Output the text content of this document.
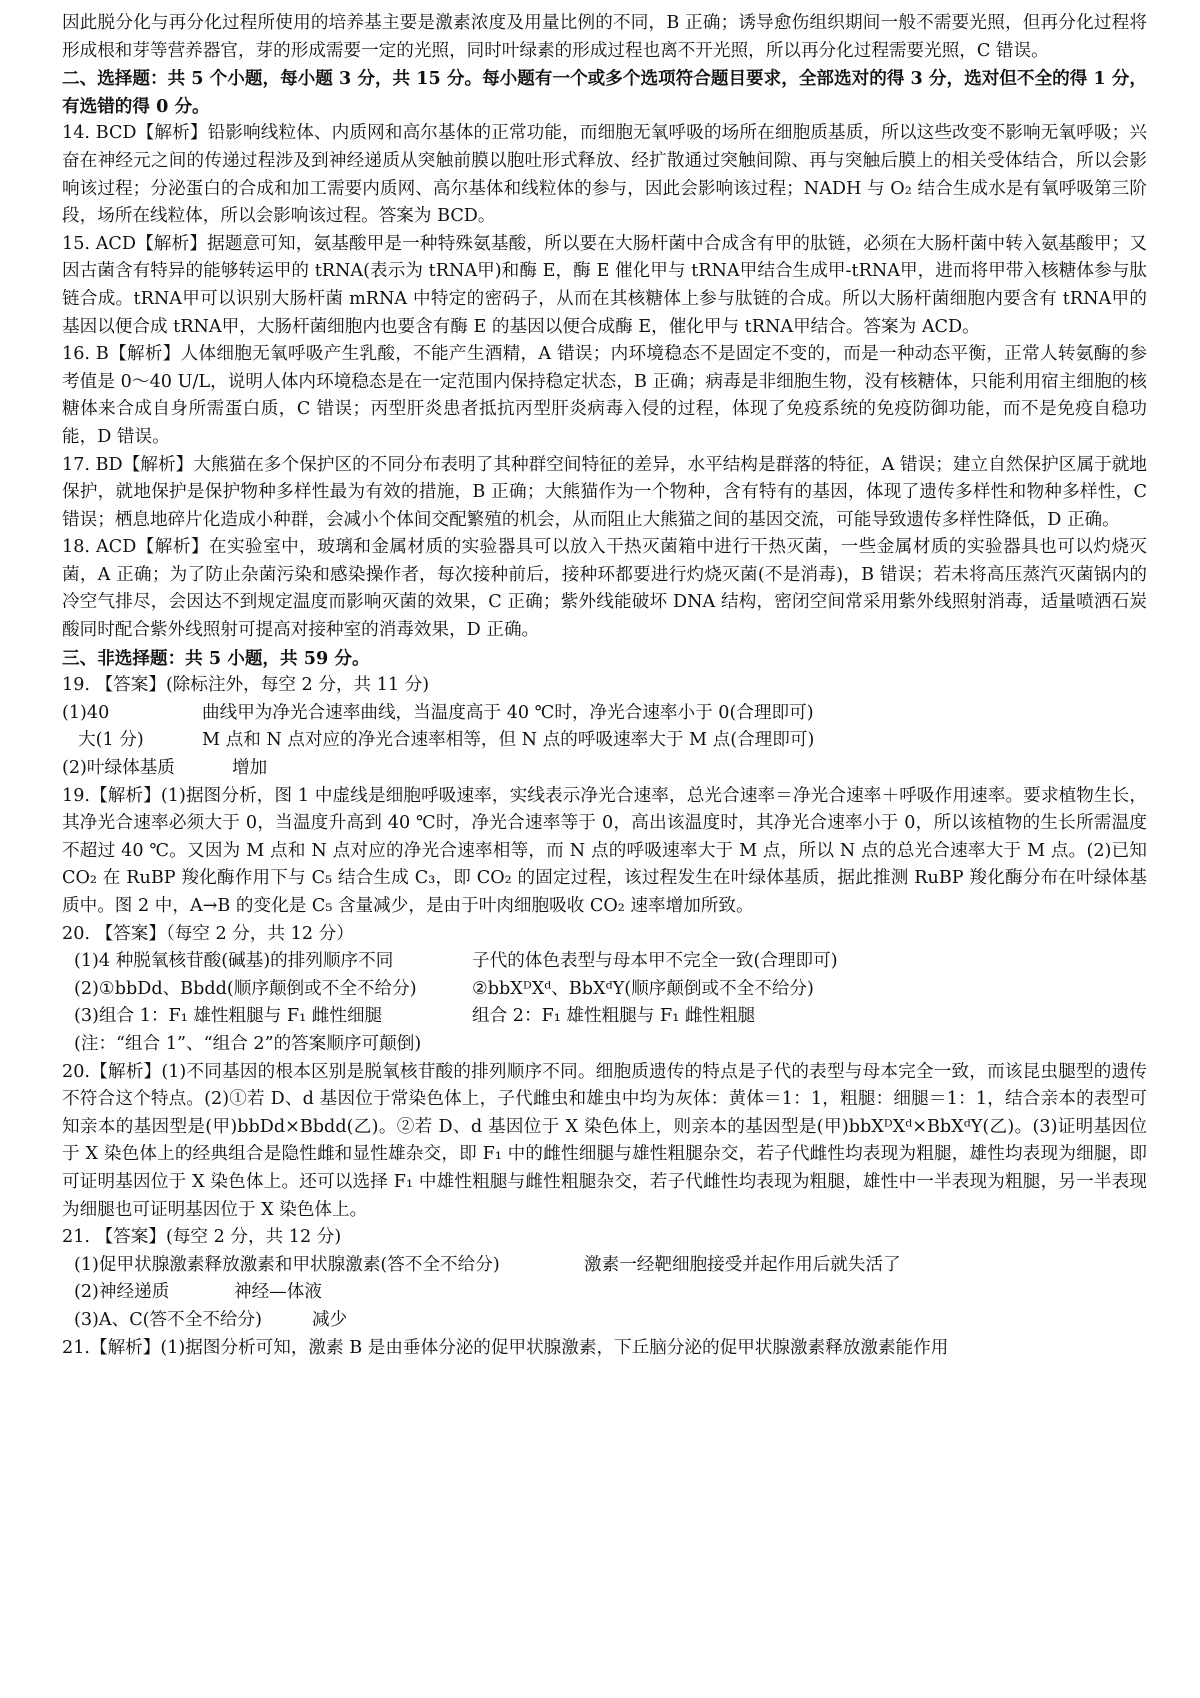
因此脱分化与再分化过程所使用的培养基主要是激素浓度及用量比例的不同，B 正确；诱导愈伤组织期间一般不需要光照，但再分化过程将形成根和芽等营养器官，芽的形成需要一定的光照，同时叶绿素的形成过程也离不开光照，所以再分化过程需要光照，C 错误。

二、选择题：共 5 个小题，每小题 3 分，共 15 分。每小题有一个或多个选项符合题目要求，全部选对的得 3 分，选对但不全的得 1 分，有选错的得 0 分。

14. BCD【解析】铅影响线粒体、内质网和高尔基体的正常功能，而细胞无氧呼吸的场所在细胞质基质，所以这些改变不影响无氧呼吸；兴奋在神经元之间的传递过程涉及到神经递质从突触前膜以胞吐形式释放、经扩散通过突触间隙、再与突触后膜上的相关受体结合，所以会影响该过程；分泌蛋白的合成和加工需要内质网、高尔基体和线粒体的参与，因此会影响该过程；NADH 与 O₂ 结合生成水是有氧呼吸第三阶段，场所在线粒体，所以会影响该过程。答案为 BCD。

15. ACD【解析】据题意可知，氨基酸甲是一种特殊氨基酸，所以要在大肠杆菌中合成含有甲的肽链，必须在大肠杆菌中转入氨基酸甲；又因古菌含有特异的能够转运甲的 tRNA(表示为 tRNA甲)和酶 E，酶 E 催化甲与 tRNA甲结合生成甲-tRNA甲，进而将甲带入核糖体参与肽链合成。tRNA甲可以识别大肠杆菌 mRNA 中特定的密码子，从而在其核糖体上参与肽链的合成。所以大肠杆菌细胞内要含有 tRNA甲的基因以便合成 tRNA甲，大肠杆菌细胞内也要含有酶 E 的基因以便合成酶 E，催化甲与 tRNA甲结合。答案为 ACD。

16. B【解析】人体细胞无氧呼吸产生乳酸，不能产生酒精，A 错误；内环境稳态不是固定不变的，而是一种动态平衡，正常人转氨酶的参考值是 0～40 U/L，说明人体内环境稳态是在一定范围内保持稳定状态，B 正确；病毒是非细胞生物，没有核糖体，只能利用宿主细胞的核糖体来合成自身所需蛋白质，C 错误；丙型肝炎患者抵抗丙型肝炎病毒入侵的过程，体现了免疫系统的免疫防御功能，而不是免疫自稳功能，D 错误。

17. BD【解析】大熊猫在多个保护区的不同分布表明了其种群空间特征的差异，水平结构是群落的特征，A 错误；建立自然保护区属于就地保护，就地保护是保护物种多样性最为有效的措施，B 正确；大熊猫作为一个物种，含有特有的基因，体现了遗传多样性和物种多样性，C 错误；栖息地碎片化造成小种群，会减小个体间交配繁殖的机会，从而阻止大熊猫之间的基因交流，可能导致遗传多样性降低，D 正确。

18. ACD【解析】在实验室中，玻璃和金属材质的实验器具可以放入干热灭菌箱中进行干热灭菌，一些金属材质的实验器具也可以灼烧灭菌，A 正确；为了防止杂菌污染和感染操作者，每次接种前后，接种环都要进行灼烧灭菌(不是消毒)，B 错误；若未将高压蒸汽灭菌锅内的冷空气排尽，会因达不到规定温度而影响灭菌的效果，C 正确；紫外线能破坏 DNA 结构，密闭空间常采用紫外线照射消毒，适量喷洒石炭酸同时配合紫外线照射可提高对接种室的消毒效果，D 正确。

三、非选择题：共 5 小题，共 59 分。

19. 【答案】(除标注外，每空 2 分，共 11 分)

(1)40	曲线甲为净光合速率曲线，当温度高于 40 ℃时，净光合速率小于 0(合理即可)

大(1 分)	M 点和 N 点对应的净光合速率相等，但 N 点的呼吸速率大于 M 点(合理即可)

(2)叶绿体基质	增加

19.【解析】(1)据图分析，图 1 中虚线是细胞呼吸速率，实线表示净光合速率，总光合速率＝净光合速率＋呼吸作用速率。要求植物生长，其净光合速率必须大于 0，当温度升高到 40 ℃时，净光合速率等于 0，高出该温度时，其净光合速率小于 0，所以该植物的生长所需温度不超过 40 ℃。又因为 M 点和 N 点对应的净光合速率相等，而 N 点的呼吸速率大于 M 点，所以 N 点的总光合速率大于 M 点。(2)已知 CO₂ 在 RuBP 羧化酶作用下与 C₅ 结合生成 C₃，即 CO₂ 的固定过程，该过程发生在叶绿体基质，据此推测 RuBP 羧化酶分布在叶绿体基质中。图 2 中，A→B 的变化是 C₅ 含量减少，是由于叶肉细胞吸收 CO₂ 速率增加所致。

20. 【答案】（每空 2 分，共 12 分）

(1)4 种脱氧核苷酸(碱基)的排列顺序不同	子代的体色表型与母本甲不完全一致(合理即可)

(2)①bbDd、Bbdd(顺序颠倒或不全不给分)	②bbXᴰXᵈ、BbXᵈY(顺序颠倒或不全不给分)

(3)组合 1：F₁ 雄性粗腿与 F₁ 雌性细腿	组合 2：F₁ 雄性粗腿与 F₁ 雌性粗腿

(注：“组合 1”、“组合 2”的答案顺序可颠倒)

20.【解析】(1)不同基因的根本区别是脱氧核苷酸的排列顺序不同。细胞质遗传的特点是子代的表型与母本完全一致，而该昆虫腿型的遗传不符合这个特点。(2)①若 D、d 基因位于常染色体上，子代雌虫和雄虫中均为灰体：黄体＝1：1，粗腿：细腿＝1：1，结合亲本的表型可知亲本的基因型是(甲)bbDd×Bbdd(乙)。②若 D、d 基因位于 X 染色体上，则亲本的基因型是(甲)bbXᴰXᵈ×BbXᵈY(乙)。(3)证明基因位于 X 染色体上的经典组合是隐性雌和显性雄杂交，即 F₁ 中的雌性细腿与雄性粗腿杂交，若子代雌性均表现为粗腿，雄性均表现为细腿，即可证明基因位于 X 染色体上。还可以选择 F₁ 中雄性粗腿与雌性粗腿杂交，若子代雌性均表现为粗腿，雄性中一半表现为粗腿，另一半表现为细腿也可证明基因位于 X 染色体上。

21. 【答案】(每空 2 分，共 12 分)

(1)促甲状腺激素释放激素和甲状腺激素(答不全不给分)	激素一经靶细胞接受并起作用后就失活了

(2)神经递质	神经—体液

(3)A、C(答不全不给分)	减少

21.【解析】(1)据图分析可知，激素 B 是由垂体分泌的促甲状腺激素，下丘脑分泌的促甲状腺激素释放激素能作用
